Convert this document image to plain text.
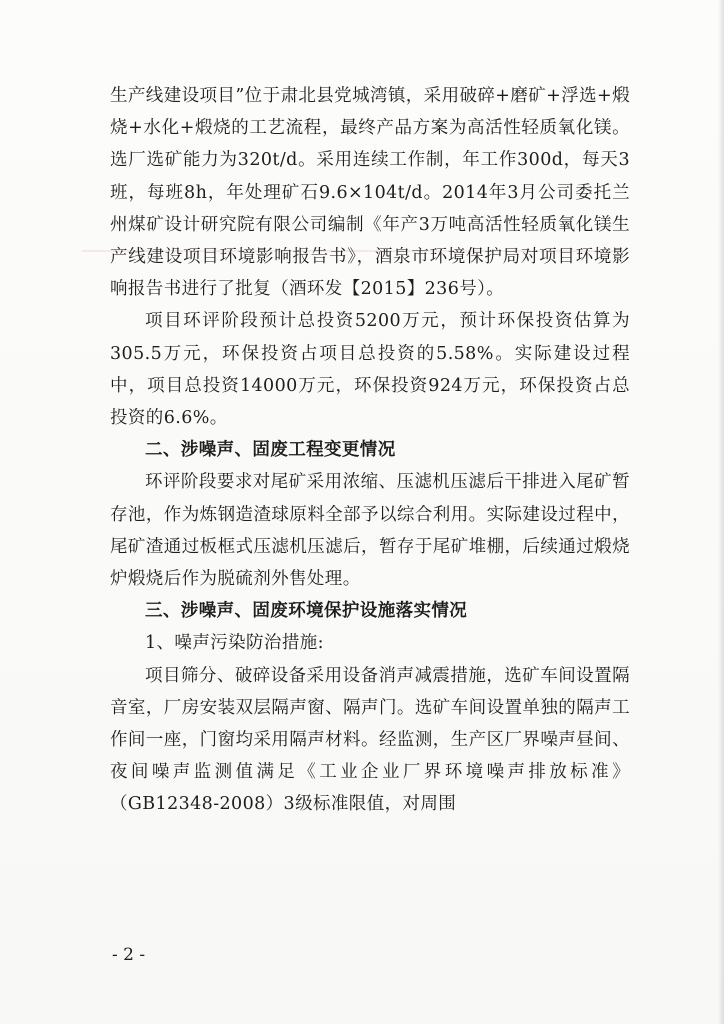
生产线建设项目”位于肃北县党城湾镇，采用破碎+磨矿+浮选+煅烧+水化+煅烧的工艺流程，最终产品方案为高活性轻质氧化镁。选厂选矿能力为320t/d。采用连续工作制，年工作300d，每天3班，每班8h，年处理矿石9.6×104t/d。2014年3月公司委托兰州煤矿设计研究院有限公司编制《年产3万吨高活性轻质氧化镁生产线建设项目环境影响报告书》，酒泉市环境保护局对项目环境影响报告书进行了批复（酒环发【2015】236号）。

项目环评阶段预计总投资5200万元，预计环保投资估算为305.5万元，环保投资占项目总投资的5.58%。实际建设过程中，项目总投资14000万元，环保投资924万元，环保投资占总投资的6.6%。

二、涉噪声、固废工程变更情况

环评阶段要求对尾矿采用浓缩、压滤机压滤后干排进入尾矿暂存池，作为炼钢造渣球原料全部予以综合利用。实际建设过程中，尾矿渣通过板框式压滤机压滤后，暂存于尾矿堆棚，后续通过煅烧炉煅烧后作为脱硫剂外售处理。

三、涉噪声、固废环境保护设施落实情况

1、噪声污染防治措施:

项目筛分、破碎设备采用设备消声减震措施，选矿车间设置隔音室，厂房安装双层隔声窗、隔声门。选矿车间设置单独的隔声工作间一座，门窗均采用隔声材料。经监测，生产区厂界噪声昼间、夜间噪声监测值满足《工业企业厂界环境噪声排放标准》（GB12348-2008）3级标准限值，对周围

- 2 -
